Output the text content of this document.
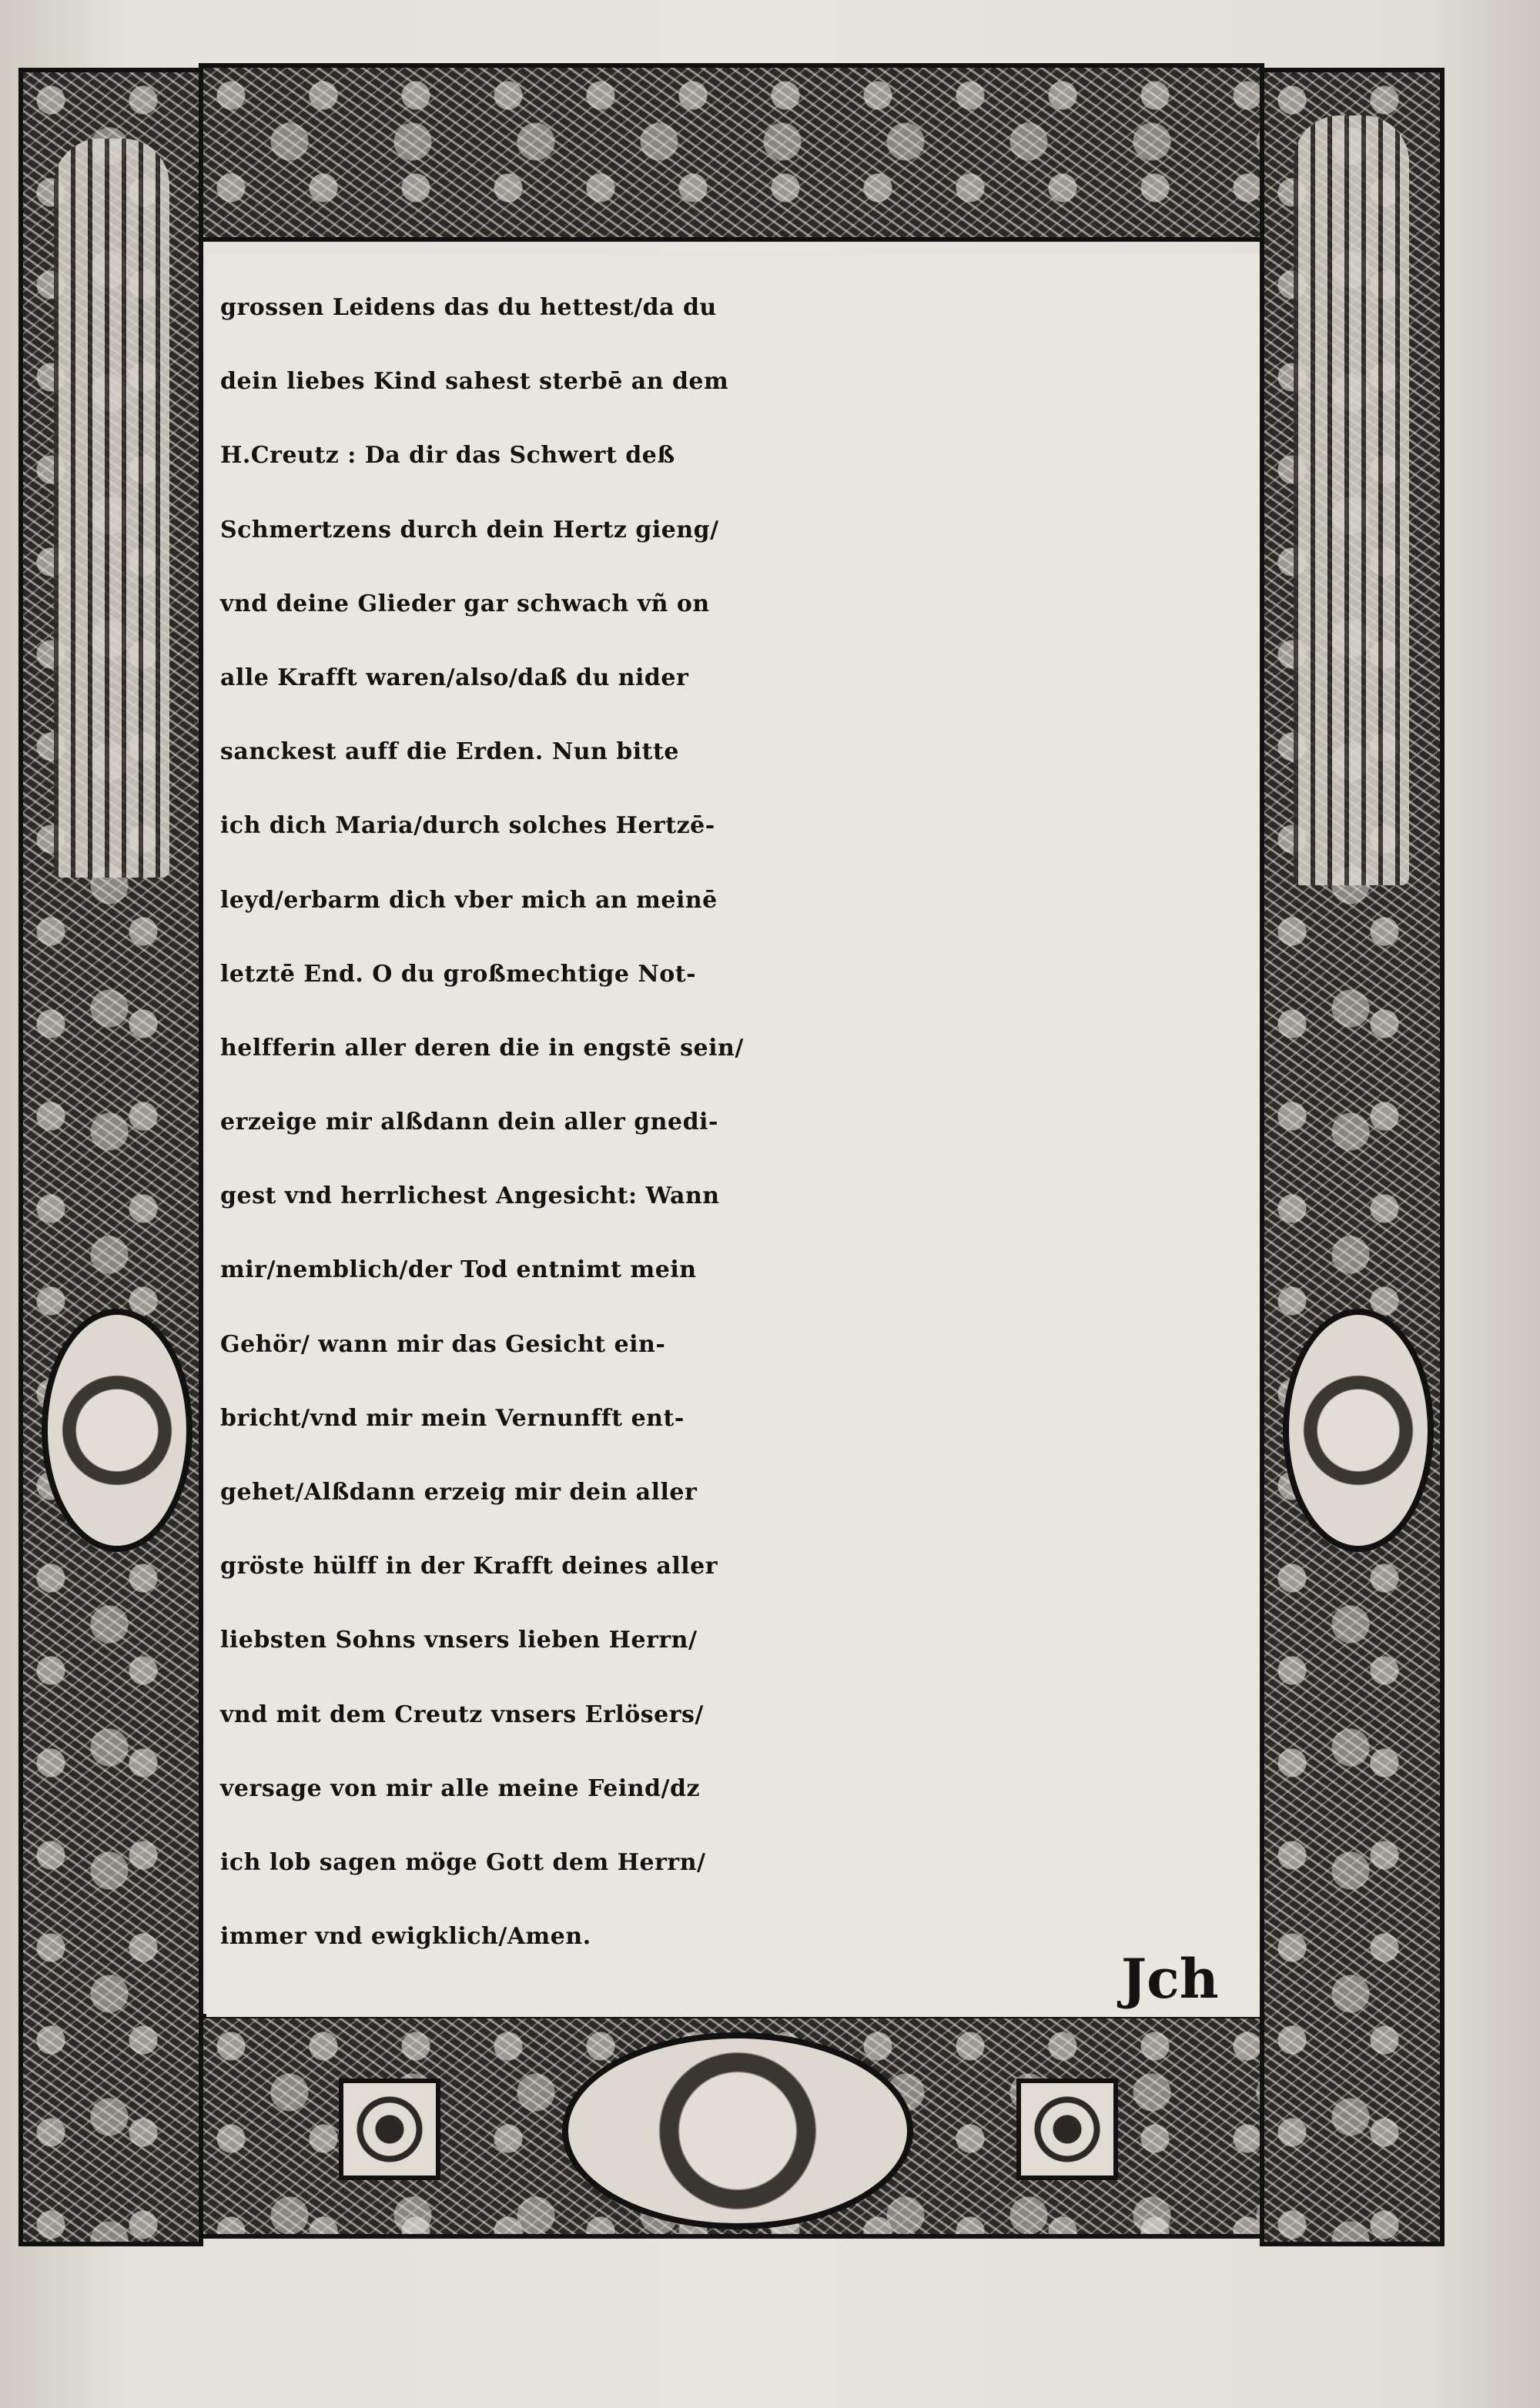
grossen Leidens das du hettest/da du
dein liebes Kind sahest sterbē an dem
H.Creutz : Da dir das Schwert deß
Schmertzens durch dein Hertz gieng/
vnd deine Glieder gar schwach vñ on
alle Krafft waren/also/daß du nider
sanckest auff die Erden. Nun bitte
ich dich Maria/durch solches Hertzē-
leyd/erbarm dich vber mich an meinē
letztē End. O du großmechtige Not-
helfferin aller deren die in engstē sein/
erzeige mir alßdann dein aller gnedi-
gest vnd herrlichest Angesicht: Wann
mir/nemblich/der Tod entnimt mein
Gehör/ wann mir das Gesicht ein-
bricht/vnd mir mein Vernunfft ent-
gehet/Alßdann erzeig mir dein aller
gröste hülff in der Krafft deines aller
liebsten Sohns vnsers lieben Herrn/
vnd mit dem Creutz vnsers Erlösers/
versage von mir alle meine Feind/dz
ich lob sagen möge Gott dem Herrn/
immer vnd ewigklich/Amen.
Jch
